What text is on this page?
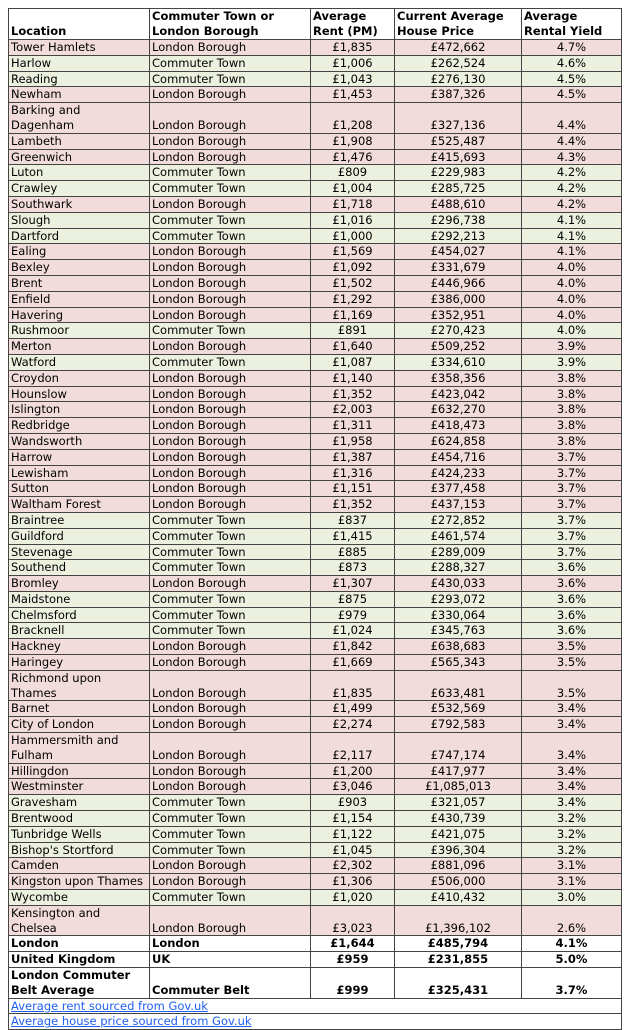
Location	Commuter Town or London Borough	Average Rent (PM)	Current Average House Price	Average Rental Yield
Tower Hamlets	London Borough	£1,835	£472,662	4.7%
Harlow	Commuter Town	£1,006	£262,524	4.6%
Reading	Commuter Town	£1,043	£276,130	4.5%
Newham	London Borough	£1,453	£387,326	4.5%
Barking and Dagenham	London Borough	£1,208	£327,136	4.4%
Lambeth	London Borough	£1,908	£525,487	4.4%
Greenwich	London Borough	£1,476	£415,693	4.3%
Luton	Commuter Town	£809	£229,983	4.2%
Crawley	Commuter Town	£1,004	£285,725	4.2%
Southwark	London Borough	£1,718	£488,610	4.2%
Slough	Commuter Town	£1,016	£296,738	4.1%
Dartford	Commuter Town	£1,000	£292,213	4.1%
Ealing	London Borough	£1,569	£454,027	4.1%
Bexley	London Borough	£1,092	£331,679	4.0%
Brent	London Borough	£1,502	£446,966	4.0%
Enfield	London Borough	£1,292	£386,000	4.0%
Havering	London Borough	£1,169	£352,951	4.0%
Rushmoor	Commuter Town	£891	£270,423	4.0%
Merton	London Borough	£1,640	£509,252	3.9%
Watford	Commuter Town	£1,087	£334,610	3.9%
Croydon	London Borough	£1,140	£358,356	3.8%
Hounslow	London Borough	£1,352	£423,042	3.8%
Islington	London Borough	£2,003	£632,270	3.8%
Redbridge	London Borough	£1,311	£418,473	3.8%
Wandsworth	London Borough	£1,958	£624,858	3.8%
Harrow	London Borough	£1,387	£454,716	3.7%
Lewisham	London Borough	£1,316	£424,233	3.7%
Sutton	London Borough	£1,151	£377,458	3.7%
Waltham Forest	London Borough	£1,352	£437,153	3.7%
Braintree	Commuter Town	£837	£272,852	3.7%
Guildford	Commuter Town	£1,415	£461,574	3.7%
Stevenage	Commuter Town	£885	£289,009	3.7%
Southend	Commuter Town	£873	£288,327	3.6%
Bromley	London Borough	£1,307	£430,033	3.6%
Maidstone	Commuter Town	£875	£293,072	3.6%
Chelmsford	Commuter Town	£979	£330,064	3.6%
Bracknell	Commuter Town	£1,024	£345,763	3.6%
Hackney	London Borough	£1,842	£638,683	3.5%
Haringey	London Borough	£1,669	£565,343	3.5%
Richmond upon Thames	London Borough	£1,835	£633,481	3.5%
Barnet	London Borough	£1,499	£532,569	3.4%
City of London	London Borough	£2,274	£792,583	3.4%
Hammersmith and Fulham	London Borough	£2,117	£747,174	3.4%
Hillingdon	London Borough	£1,200	£417,977	3.4%
Westminster	London Borough	£3,046	£1,085,013	3.4%
Gravesham	Commuter Town	£903	£321,057	3.4%
Brentwood	Commuter Town	£1,154	£430,739	3.2%
Tunbridge Wells	Commuter Town	£1,122	£421,075	3.2%
Bishop's Stortford	Commuter Town	£1,045	£396,304	3.2%
Camden	London Borough	£2,302	£881,096	3.1%
Kingston upon Thames	London Borough	£1,306	£506,000	3.1%
Wycombe	Commuter Town	£1,020	£410,432	3.0%
Kensington and Chelsea	London Borough	£3,023	£1,396,102	2.6%
London	London	£1,644	£485,794	4.1%
United Kingdom	UK	£959	£231,855	5.0%
London Commuter Belt Average	Commuter Belt	£999	£325,431	3.7%
Average rent sourced from Gov.uk				
Average house price sourced from Gov.uk				
